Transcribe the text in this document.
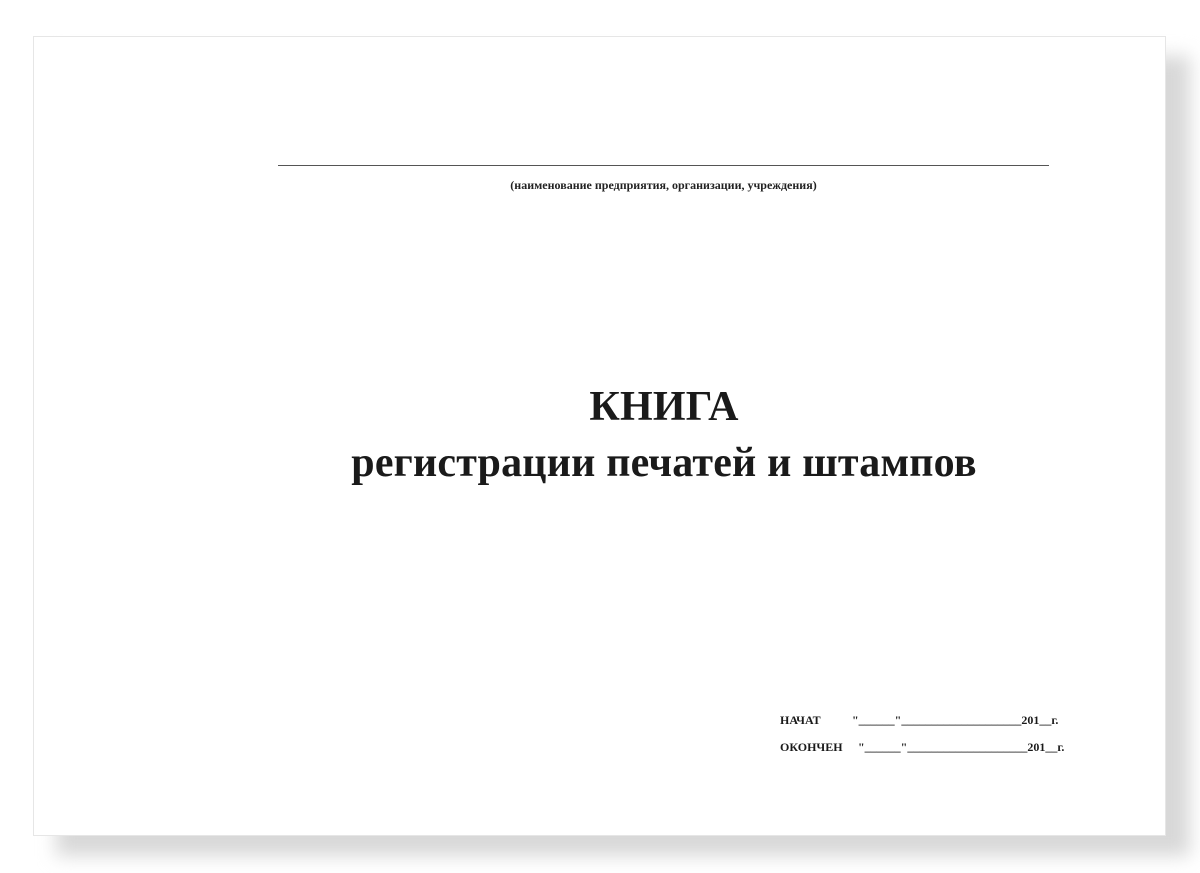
(наименование предприятия, организации, учреждения)
КНИГА
регистрации печатей и штампов
НАЧАТ	"______"____________________201__г.
ОКОНЧЕН	"______"____________________201__г.
